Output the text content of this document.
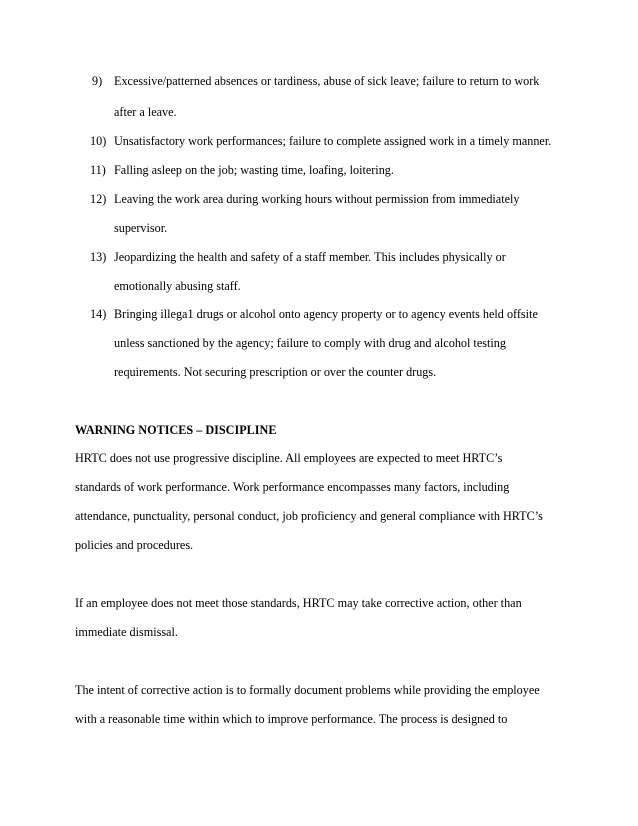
9) Excessive/patterned absences or tardiness, abuse of sick leave; failure to return to work
after a leave.
10) Unsatisfactory work performances; failure to complete assigned work in a timely manner.
11) Falling asleep on the job; wasting time, loafing, loitering.
12) Leaving the work area during working hours without permission from immediately
supervisor.
13) Jeopardizing the health and safety of a staff member. This includes physically or
emotionally abusing staff.
14) Bringing illega1 drugs or alcohol onto agency property or to agency events held offsite
unless sanctioned by the agency; failure to comply with drug and alcohol testing
requirements. Not securing prescription or over the counter drugs.
WARNING NOTICES – DISCIPLINE
HRTC does not use progressive discipline. All employees are expected to meet HRTC’s
standards of work performance. Work performance encompasses many factors, including
attendance, punctuality, personal conduct, job proficiency and general compliance with HRTC’s
policies and procedures.
If an employee does not meet those standards, HRTC may take corrective action, other than
immediate dismissal.
The intent of corrective action is to formally document problems while providing the employee
with a reasonable time within which to improve performance. The process is designed to
